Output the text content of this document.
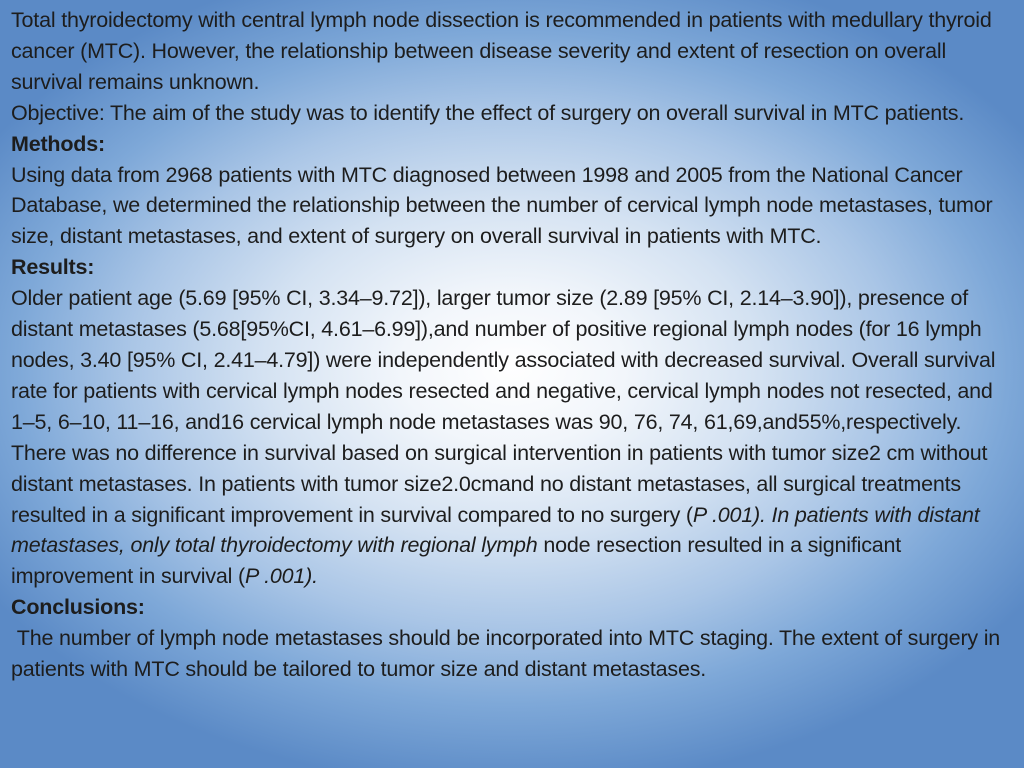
Total thyroidectomy with central lymph node dissection is recommended in patients with medullary thyroid cancer (MTC). However, the relationship between disease severity and extent of resection on overall survival remains unknown.

Objective: The aim of the study was to identify the effect of surgery on overall survival in MTC patients.

Methods:

Using data from 2968 patients with MTC diagnosed between 1998 and 2005 from the National Cancer Database, we determined the relationship between the number of cervical lymph node metastases, tumor size, distant metastases, and extent of surgery on overall survival in patients with MTC.

Results:

Older patient age (5.69 [95% CI, 3.34–9.72]), larger tumor size (2.89 [95% CI, 2.14–3.90]), presence of distant metastases (5.68[95%CI, 4.61–6.99]),and number of positive regional lymph nodes (for 16 lymph nodes, 3.40 [95% CI, 2.41–4.79]) were independently associated with decreased survival. Overall survival rate for patients with cervical lymph nodes resected and negative, cervical lymph nodes not resected, and 1–5, 6–10, 11–16, and16 cervical lymph node metastases was 90, 76, 74, 61,69,and55%,respectively. There was no difference in survival based on surgical intervention in patients with tumor size2 cm without distant metastases. In patients with tumor size2.0cmand no distant metastases, all surgical treatments resulted in a significant improvement in survival compared to no surgery (P .001). In patients with distant metastases, only total thyroidectomy with regional lymph node resection resulted in a significant improvement in survival (P .001).

Conclusions:

The number of lymph node metastases should be incorporated into MTC staging. The extent of surgery in patients with MTC should be tailored to tumor size and distant metastases.
